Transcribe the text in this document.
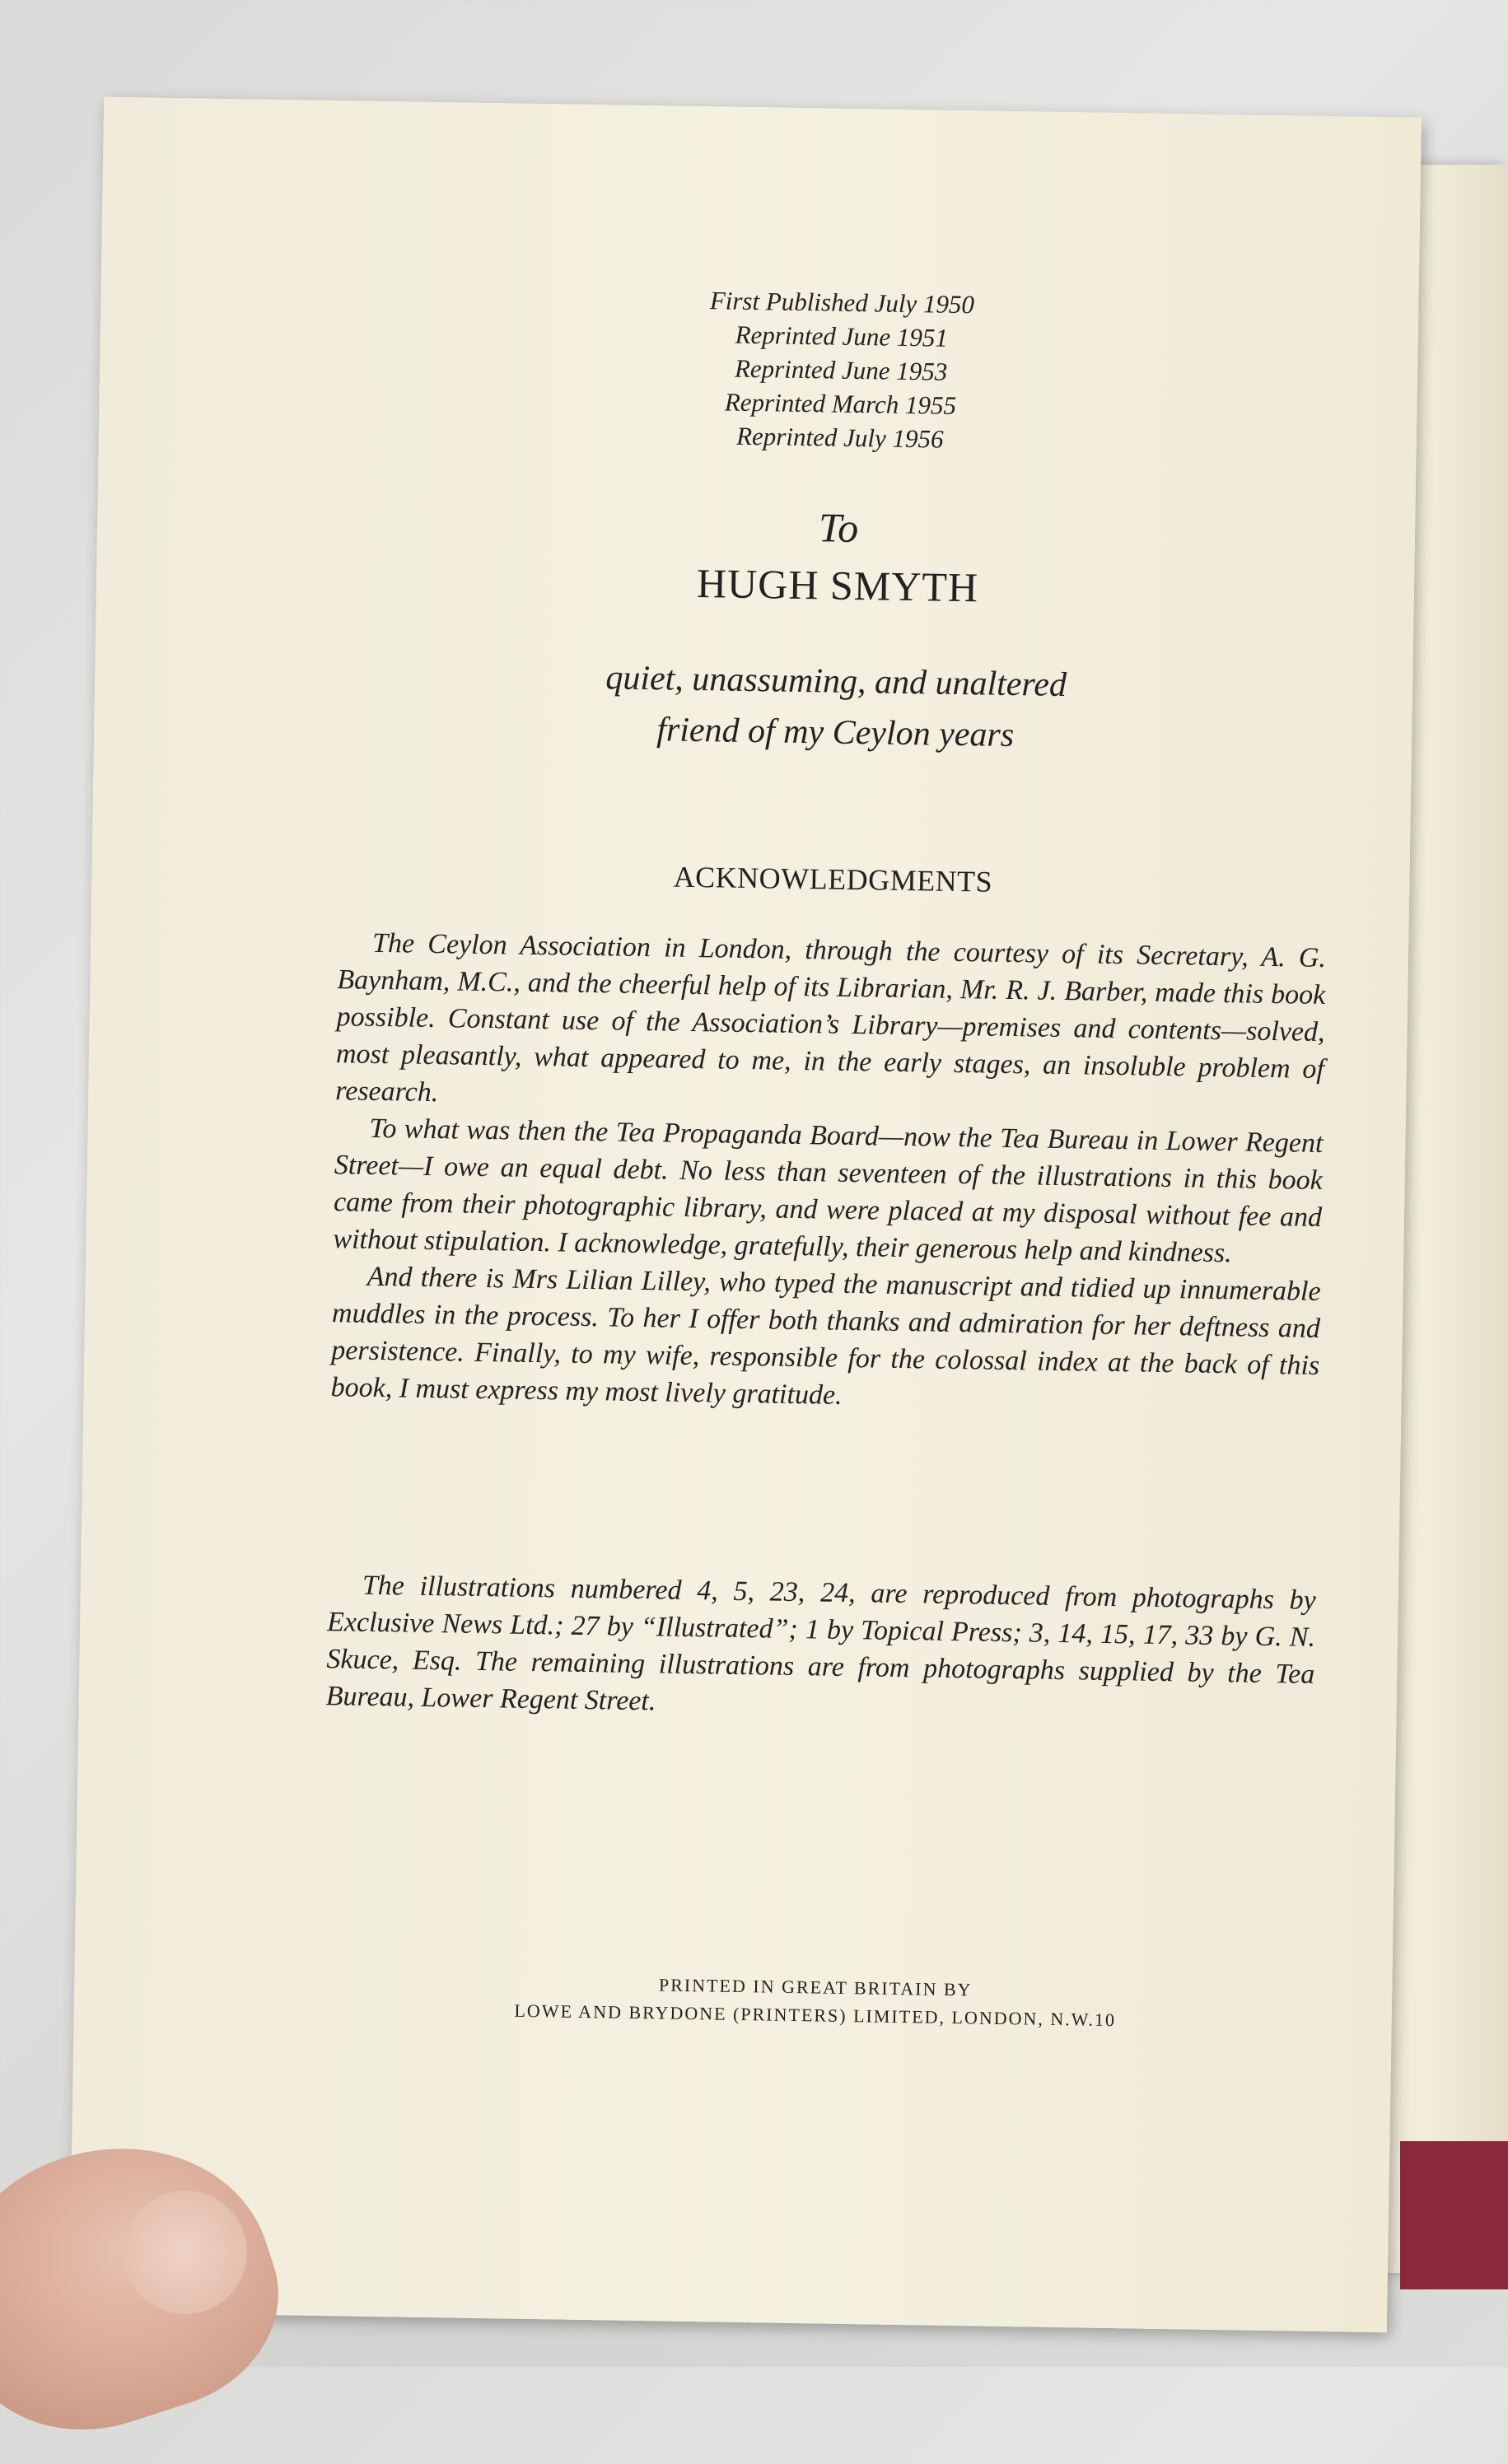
First Published July 1950
Reprinted June 1951
Reprinted June 1953
Reprinted March 1955
Reprinted July 1956
To
HUGH SMYTH
quiet, unassuming, and unaltered
friend of my Ceylon years
ACKNOWLEDGMENTS

The Ceylon Association in London, through the courtesy of its Secretary, A. G. Baynham, M.C., and the cheerful help of its Librarian, Mr. R. J. Barber, made this book possible. Constant use of the Association’s Library—premises and contents—solved, most pleasantly, what appeared to me, in the early stages, an insoluble problem of research.

To what was then the Tea Propaganda Board—now the Tea Bureau in Lower Regent Street—I owe an equal debt. No less than seventeen of the illustrations in this book came from their photographic library, and were placed at my disposal without fee and without stipulation. I acknowledge, gratefully, their generous help and kindness.

And there is Mrs Lilian Lilley, who typed the manuscript and tidied up innumerable muddles in the process. To her I offer both thanks and admiration for her deftness and persistence. Finally, to my wife, responsible for the colossal index at the back of this book, I must express my most lively gratitude.

The illustrations numbered 4, 5, 23, 24, are reproduced from photographs by Exclusive News Ltd.; 27 by “Illustrated”; 1 by Topical Press; 3, 14, 15, 17, 33 by G. N. Skuce, Esq. The remaining illustrations are from photographs supplied by the Tea Bureau, Lower Regent Street.
PRINTED IN GREAT BRITAIN BY
LOWE AND BRYDONE (PRINTERS) LIMITED, LONDON, N.W.10
